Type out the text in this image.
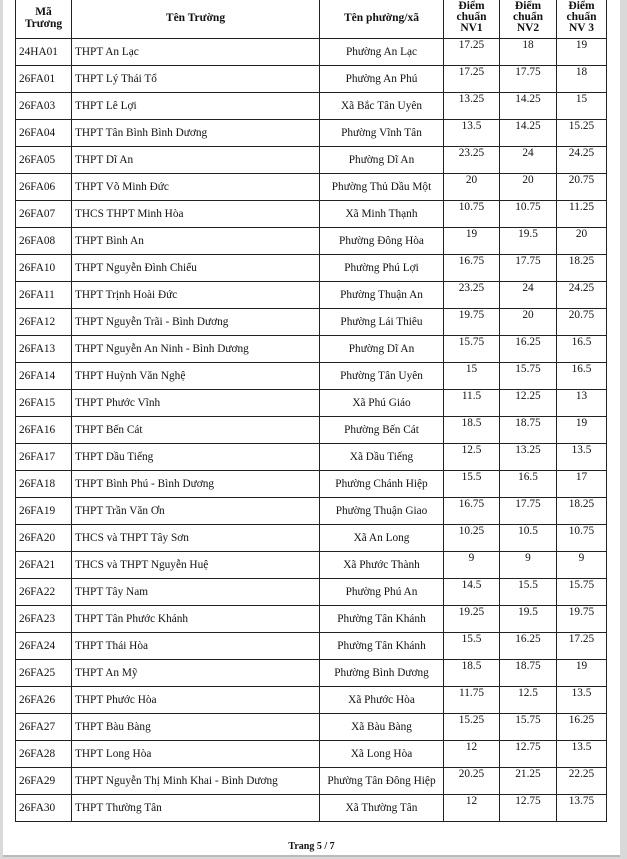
Mã Trương	Tên Trường	Tên phường/xã	Điểm chuẩn NV1	Điểm chuẩn NV2	Điểm chuẩn NV 3
24HA01	THPT An Lạc	Phường An Lạc	17.25	18	19
26FA01	THPT Lý Thái Tổ	Phường An Phú	17.25	17.75	18
26FA03	THPT Lê Lợi	Xã Bắc Tân Uyên	13.25	14.25	15
26FA04	THPT Tân Bình Bình Dương	Phường Vĩnh Tân	13.5	14.25	15.25
26FA05	THPT Dĩ An	Phường Dĩ An	23.25	24	24.25
26FA06	THPT Võ Minh Đức	Phường Thủ Dầu Một	20	20	20.75
26FA07	THCS THPT Minh Hòa	Xã Minh Thạnh	10.75	10.75	11.25
26FA08	THPT Bình An	Phường Đông Hòa	19	19.5	20
26FA10	THPT Nguyễn Đình Chiểu	Phường Phú Lợi	16.75	17.75	18.25
26FA11	THPT Trịnh Hoài Đức	Phường Thuận An	23.25	24	24.25
26FA12	THPT Nguyễn Trãi - Bình Dương	Phường Lái Thiêu	19.75	20	20.75
26FA13	THPT Nguyễn An Ninh - Bình Dương	Phường Dĩ An	15.75	16.25	16.5
26FA14	THPT Huỳnh Văn Nghệ	Phường Tân Uyên	15	15.75	16.5
26FA15	THPT Phước Vĩnh	Xã Phú Giáo	11.5	12.25	13
26FA16	THPT Bến Cát	Phường Bến Cát	18.5	18.75	19
26FA17	THPT Dầu Tiếng	Xã Dầu Tiếng	12.5	13.25	13.5
26FA18	THPT Bình Phú - Bình Dương	Phường Chánh Hiệp	15.5	16.5	17
26FA19	THPT Trần Văn Ơn	Phường Thuận Giao	16.75	17.75	18.25
26FA20	THCS và THPT Tây Sơn	Xã An Long	10.25	10.5	10.75
26FA21	THCS và THPT Nguyễn Huệ	Xã Phước Thành	9	9	9
26FA22	THPT Tây Nam	Phường Phú An	14.5	15.5	15.75
26FA23	THPT Tân Phước Khánh	Phường Tân Khánh	19.25	19.5	19.75
26FA24	THPT Thái Hòa	Phường Tân Khánh	15.5	16.25	17.25
26FA25	THPT An Mỹ	Phường Bình Dương	18.5	18.75	19
26FA26	THPT Phước Hòa	Xã Phước Hòa	11.75	12.5	13.5
26FA27	THPT Bàu Bàng	Xã Bàu Bàng	15.25	15.75	16.25
26FA28	THPT Long Hòa	Xã Long Hòa	12	12.75	13.5
26FA29	THPT Nguyễn Thị Minh Khai - Bình Dương	Phường Tân Đông Hiệp	20.25	21.25	22.25
26FA30	THPT Thường Tân	Xã Thường Tân	12	12.75	13.75
Trang 5 / 7
